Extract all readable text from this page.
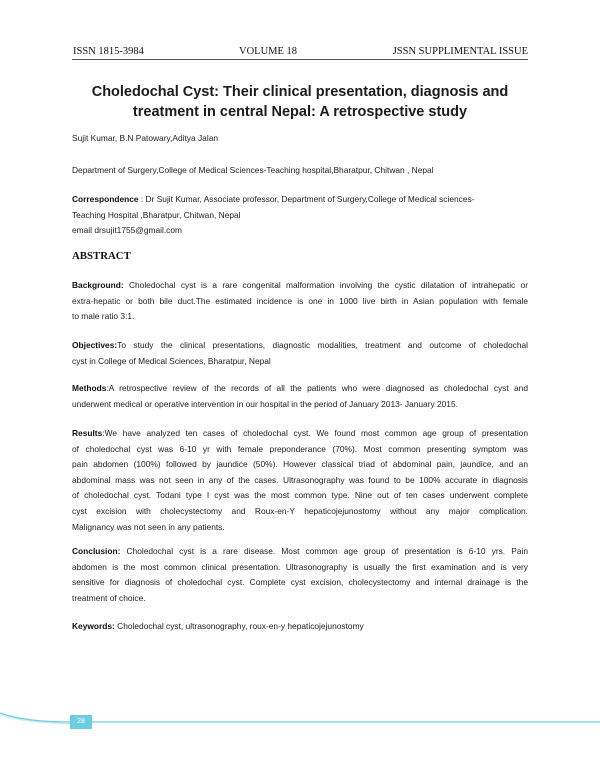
ISSN 1815-3984	VOLUME 18	JSSN SUPPLIMENTAL ISSUE
Choledochal Cyst: Their clinical presentation, diagnosis and
treatment in central Nepal: A retrospective study
Sujit Kumar, B.N Patowary,Aditya Jalan
Department of Surgery,College of Medical Sciences-Teaching hospital,Bharatpur, Chitwan , Nepal
Correspondence : Dr Sujit Kumar, Associate professor, Department of Surgery,College of Medical sciences-
Teaching Hospital ,Bharatpur, Chitwan, Nepal
email drsujit1755@gmail.com
ABSTRACT
Background: Choledochal cyst is a rare congenital malformation involving the cystic dilatation of intrahepatic or
extra-hepatic or both bile duct.The estimated incidence is one in 1000 live birth in Asian population with female
to male ratio 3:1.
Objectives:To study the clinical presentations, diagnostic modalities, treatment and outcome of choledochal
cyst in College of Medical Sciences, Bharatpur, Nepal
Methods:A retrospective review of the records of all the patients who were diagnosed as choledochal cyst and
underwent medical or operative intervention in our hospital in the period of January 2013- January 2015.
Results:We have analyzed ten cases of choledochal cyst. We found most common age group of presentation
of choledochal cyst was 6-10 yr with female preponderance (70%). Most common presenting symptom was
pain abdomen (100%) followed by jaundice (50%). However classical triad of abdominal pain, jaundice, and an
abdominal mass was not seen in any of the cases. Ultrasonography was found to be 100% accurate in diagnosis
of choledochal cyst. Todani type I cyst was the most common type. Nine out of ten cases underwent complete
cyst excision with cholecystectomy and Roux-en-Y hepaticojejunostomy without any major complication.
Malignancy was not seen in any patients.
Conclusion: Choledochal cyst is a rare disease. Most common age group of presentation is 6-10 yrs. Pain
abdomen is the most common clinical presentation. Ultrasonography is usually the first examination and is very
sensitive for diagnosis of choledochal cyst. Complete cyst excision, cholecystectomy and internal drainage is the
treatment of choice.
Keywords: Choledochal cyst, ultrasonography, roux-en-y hepaticojejunostomy
28
